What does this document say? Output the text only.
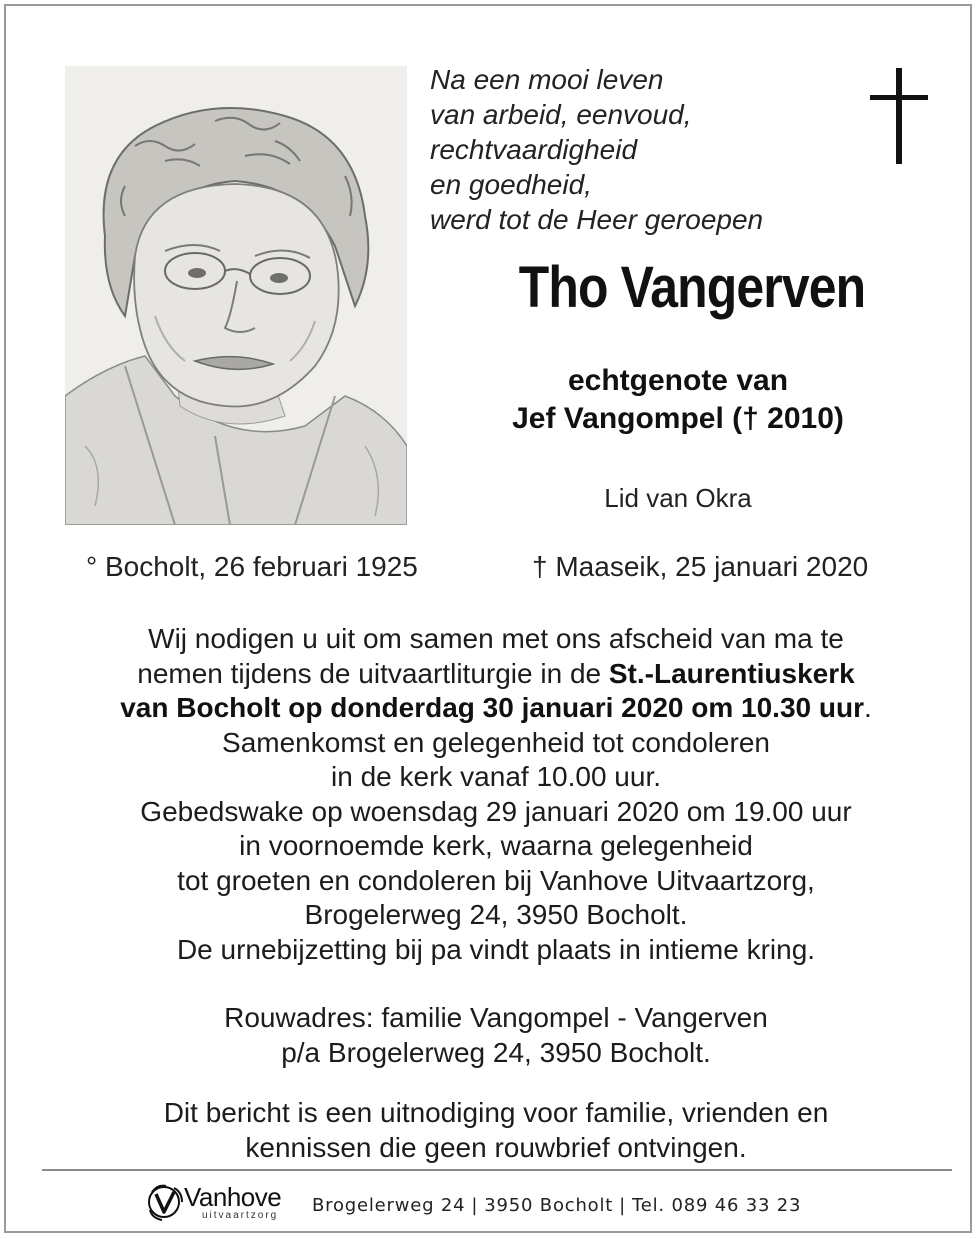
Na een mooi leven
van arbeid, eenvoud,
rechtvaardigheid
en goedheid,
werd tot de Heer geroepen
Tho Vangerven
echtgenote van
Jef Vangompel († 2010)
Lid van Okra
° Bocholt, 26 februari 1925	† Maaseik, 25 januari 2020
Wij nodigen u uit om samen met ons afscheid van ma te
nemen tijdens de uitvaartliturgie in de St.-Laurentiuskerk
van Bocholt op donderdag 30 januari 2020 om 10.30 uur.
Samenkomst en gelegenheid tot condoleren
in de kerk vanaf 10.00 uur.
Gebedswake op woensdag 29 januari 2020 om 19.00 uur
in voornoemde kerk, waarna gelegenheid
tot groeten en condoleren bij Vanhove Uitvaartzorg,
Brogelerweg 24, 3950 Bocholt.
De urnebijzetting bij pa vindt plaats in intieme kring.
Rouwadres: familie Vangompel - Vangerven
p/a Brogelerweg 24, 3950 Bocholt.
Dit bericht is een uitnodiging voor familie, vrienden en
kennissen die geen rouwbrief ontvingen.
Vanhove
uitvaartzorg Brogelerweg 24 | 3950 Bocholt | Tel. 089 46 33 23
